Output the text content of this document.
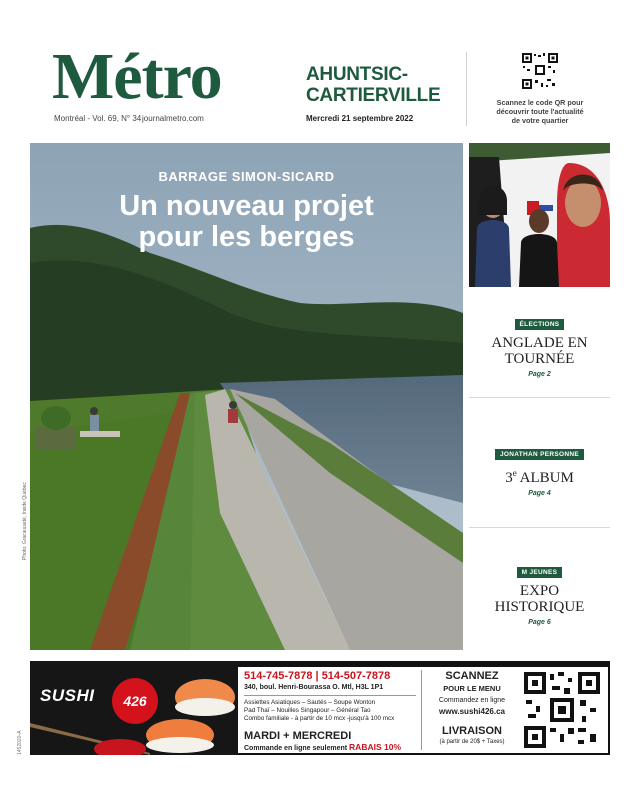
Métro	AHUNTSIC-
CARTIERVILLE
Montréal - Vol. 69, N° 34 journalmetro.com	Mercredi 21 septembre 2022
Scannez le code QR pour
découvrir toute l'actualité
de votre quartier
BARRAGE SIMON-SICARD
Un nouveau projet
pour les berges
Photo: Gracieuseté, Inside Québec
ÉLECTIONS
ANGLADE EN
TOURNÉE
Page 2
JONATHAN PERSONNE
3e ALBUM
Page 4
M JEUNES
EXPO
HISTORIQUE
Page 6
SUSHI	426
514-745-7878 | 514-507-7878
340, boul. Henri-Bourassa O. Mtl, H3L 1P1
Assiettes Asiatiques – Sautés – Soupe Wonton
Pad Thaï – Nouilles Singapour – Général Tao
Combo familiale - à partir de 10 mcx -jusqu'à 100 mcx
MARDI + MERCREDI
Commande en ligne seulement RABAIS 10%
SCANNEZ
POUR LE MENU
Commandez en ligne
www.sushi426.ca
LIVRAISON
(à partir de 20$ + Taxes)
1452020-A
